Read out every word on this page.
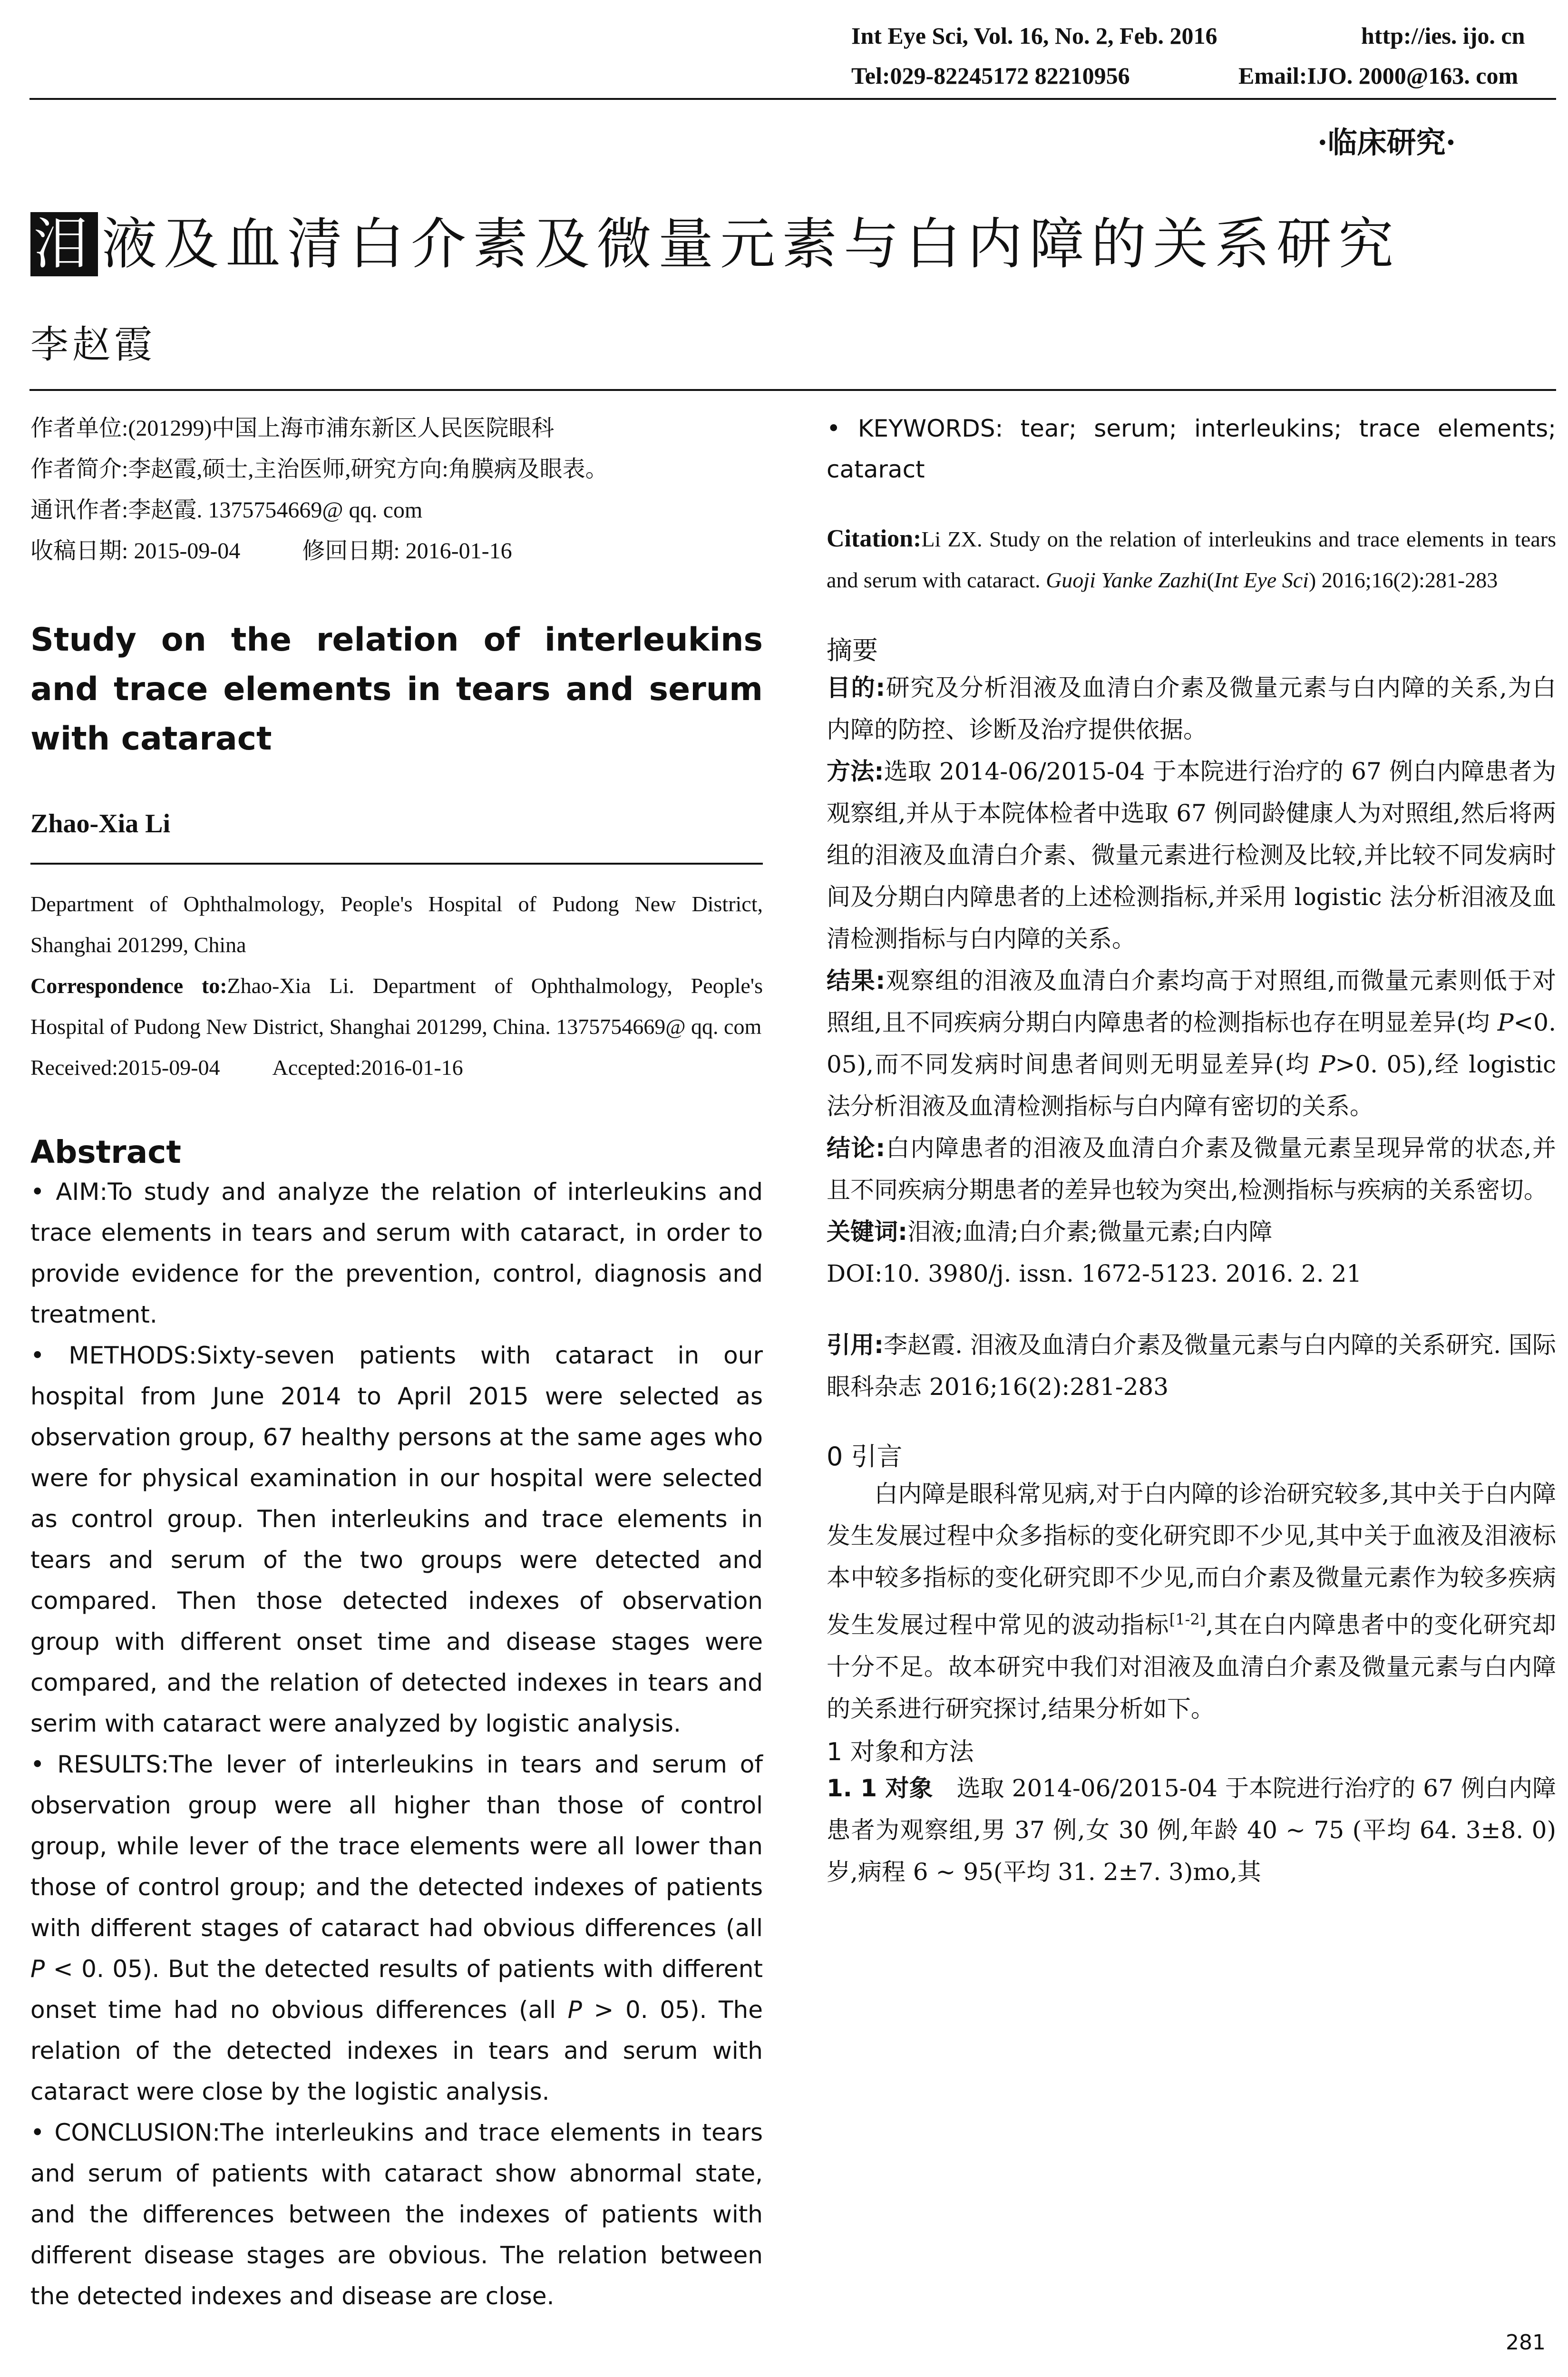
Int Eye Sci, Vol. 16, No. 2, Feb. 2016	http://ies. ijo. cn
Tel:029-82245172 82210956	Email:IJO. 2000@163. com
·临床研究·
泪 液及血清白介素及微量元素与白内障的关系研究
李赵霞

作者单位:(201299)中国上海市浦东新区人民医院眼科

作者简介:李赵霞,硕士,主治医师,研究方向:角膜病及眼表。

通讯作者:李赵霞. 1375754669@ qq. com

收稿日期: 2015-09-04	修回日期: 2016-01-16

Study on the relation of interleukins and trace elements in tears and serum with cataract
Zhao-Xia Li

Department of Ophthalmology, People's Hospital of Pudong New District, Shanghai 201299, China

Correspondence to:Zhao-Xia Li. Department of Ophthalmology, People's Hospital of Pudong New District, Shanghai 201299, China. 1375754669@ qq. com

Received:2015-09-04 Accepted:2016-01-16

Abstract

• AIM:To study and analyze the relation of interleukins and trace elements in tears and serum with cataract, in order to provide evidence for the prevention, control, diagnosis and treatment.

• METHODS:Sixty-seven patients with cataract in our hospital from June 2014 to April 2015 were selected as observation group, 67 healthy persons at the same ages who were for physical examination in our hospital were selected as control group. Then interleukins and trace elements in tears and serum of the two groups were detected and compared. Then those detected indexes of observation group with different onset time and disease stages were compared, and the relation of detected indexes in tears and serim with cataract were analyzed by logistic analysis.

• RESULTS:The lever of interleukins in tears and serum of observation group were all higher than those of control group, while lever of the trace elements were all lower than those of control group; and the detected indexes of patients with different stages of cataract had obvious differences (all P < 0. 05). But the detected results of patients with different onset time had no obvious differences (all P > 0. 05). The relation of the detected indexes in tears and serum with cataract were close by the logistic analysis.

• CONCLUSION:The interleukins and trace elements in tears and serum of patients with cataract show abnormal state, and the differences between the indexes of patients with different disease stages are obvious. The relation between the detected indexes and disease are close.

• KEYWORDS: tear; serum; interleukins; trace elements; cataract

Citation:Li ZX. Study on the relation of interleukins and trace elements in tears and serum with cataract. Guoji Yanke Zazhi(Int Eye Sci) 2016;16(2):281-283

摘要

目的:研究及分析泪液及血清白介素及微量元素与白内障的关系,为白内障的防控、诊断及治疗提供依据。

方法:选取 2014-06/2015-04 于本院进行治疗的 67 例白内障患者为观察组,并从于本院体检者中选取 67 例同龄健康人为对照组,然后将两组的泪液及血清白介素、微量元素进行检测及比较,并比较不同发病时间及分期白内障患者的上述检测指标,并采用 logistic 法分析泪液及血清检测指标与白内障的关系。

结果:观察组的泪液及血清白介素均高于对照组,而微量元素则低于对照组,且不同疾病分期白内障患者的检测指标也存在明显差异(均 P<0. 05),而不同发病时间患者间则无明显差异(均 P>0. 05),经 logistic 法分析泪液及血清检测指标与白内障有密切的关系。

结论:白内障患者的泪液及血清白介素及微量元素呈现异常的状态,并且不同疾病分期患者的差异也较为突出,检测指标与疾病的关系密切。

关键词:泪液;血清;白介素;微量元素;白内障

DOI:10. 3980/j. issn. 1672-5123. 2016. 2. 21

引用:李赵霞. 泪液及血清白介素及微量元素与白内障的关系研究. 国际眼科杂志 2016;16(2):281-283

0 引言

白内障是眼科常见病,对于白内障的诊治研究较多,其中关于白内障发生发展过程中众多指标的变化研究即不少见,其中关于血液及泪液标本中较多指标的变化研究即不少见,而白介素及微量元素作为较多疾病发生发展过程中常见的波动指标[1-2],其在白内障患者中的变化研究却十分不足。故本研究中我们对泪液及血清白介素及微量元素与白内障的关系进行研究探讨,结果分析如下。

1 对象和方法

1. 1 对象 选取 2014-06/2015-04 于本院进行治疗的 67 例白内障患者为观察组,男 37 例,女 30 例,年龄 40 ~ 75 (平均 64. 3±8. 0)岁,病程 6 ~ 95(平均 31. 2±7. 3)mo,其

281
